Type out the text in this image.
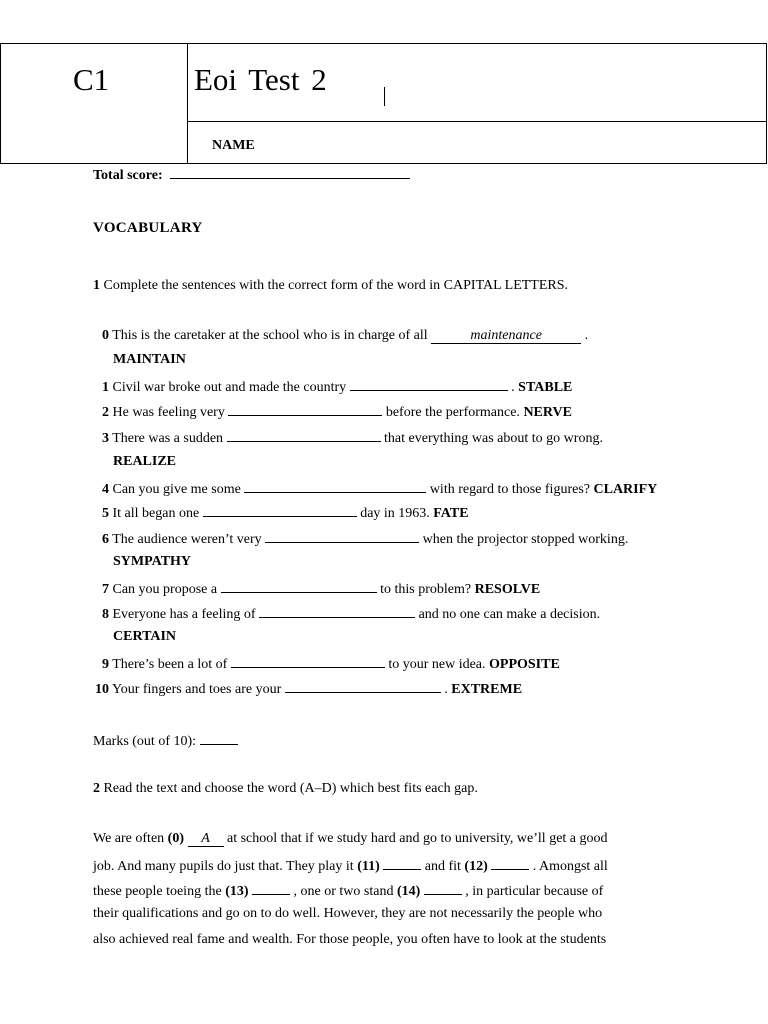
C1	Eoi Test 2
NAME
Total score:
VOCABULARY
1 Complete the sentences with the correct form of the word in CAPITAL LETTERS.
0 This is the caretaker at the school who is in charge of all	maintenance	.
MAINTAIN
1 Civil war broke out and made the country	. STABLE
2 He was feeling very	before the performance. NERVE
3 There was a sudden	that everything was about to go wrong.
REALIZE
4 Can you give me some	with regard to those figures? CLARIFY
5 It all began one	day in 1963. FATE
6 The audience weren’t very	when the projector stopped working.
SYMPATHY
7 Can you propose a	to this problem? RESOLVE
8 Everyone has a feeling of	and no one can make a decision.
CERTAIN
9 There’s been a lot of	to your new idea. OPPOSITE
10 Your fingers and toes are your	. EXTREME
Marks (out of 10):
2 Read the text and choose the word (A–D) which best fits each gap.
We are often (0) A at school that if we study hard and go to university, we’ll get a good
job. And many pupils do just that. They play it (11)	and fit (12)	. Amongst all
these people toeing the (13)	, one or two stand (14)	, in particular because of
their qualifications and go on to do well. However, they are not necessarily the people who
also achieved real fame and wealth. For those people, you often have to look at the students
